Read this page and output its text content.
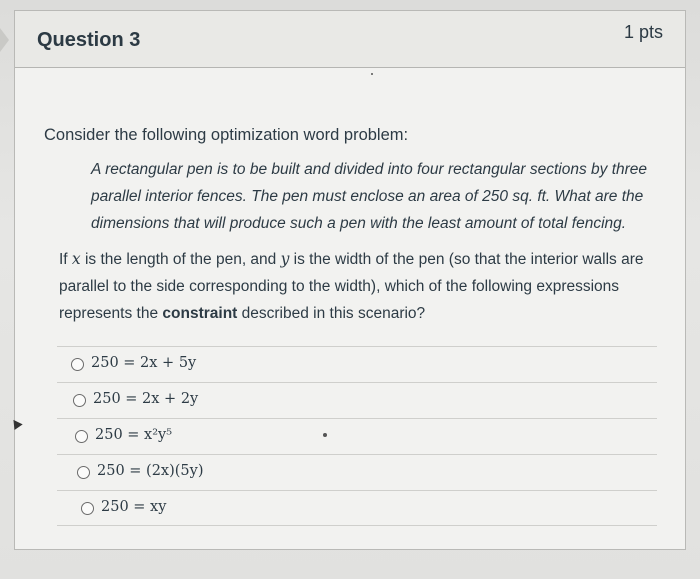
Question 3	1 pts
Consider the following optimization word problem:
A rectangular pen is to be built and divided into four rectangular sections by three parallel interior fences. The pen must enclose an area of 250 sq. ft. What are the dimensions that will produce such a pen with the least amount of total fencing.
If x is the length of the pen, and y is the width of the pen (so that the interior walls are parallel to the side corresponding to the width), which of the following expressions represents the constraint described in this scenario?
250 = 2x + 5y
250 = 2x + 2y
250 = x²y⁵
250 = (2x)(5y)
250 = xy
